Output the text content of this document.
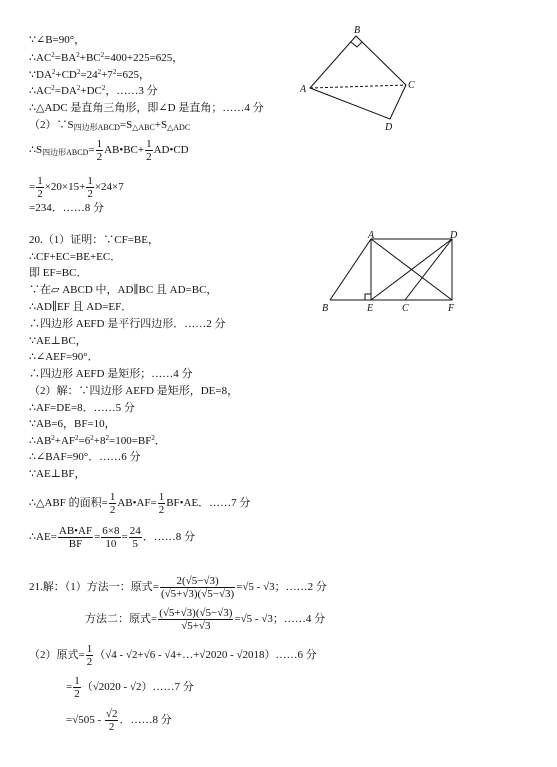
∵∠B=90°，
$\therefore AC^2=BA^2+BC^2=400+225=625$，
$\because DA^2+CD^2=24^2+7^2=625$，
$\therefore AC^2=DA^2+DC^2$，……3 分
∴△ADC 是直角三角形，即∠D 是直角；……4 分
$(2)\because S_{四边形ABCD}=S_{\triangle ABC}+S_{\triangle ADC}$
$\therefore S_{四边形ABCD}= \frac{1}{2}$ AB•BC+ $\frac{1}{2}$ AD•CD
= $\frac{1}{2} \times 20\times 15+ \frac{1}{2} \times 24\times 7$
=234．……8 分
B
A	C
D
20.（1）证明：∵CF=BE，
∴CF+EC=BE+EC．
即 EF=BC．
∵在▱ ABCD 中，AD∥BC 且 AD=BC，
∴AD∥EF 且 AD=EF．
∴四边形 AEFD 是平行四边形．……2 分
∵AE⊥BC，
∴∠AEF=90°．
∴四边形 AEFD 是矩形；……4 分
（2）解：∵四边形 AEFD 是矩形，DE=8，
∴AF=DE=8．……5 分
∵AB=6，BF=10，
$\therefore AB^2+AF^2=6^2+8^2=100=BF^2$．
∴∠BAF=90°．……6 分
∵AE⊥BF，
∴△ABF 的面积= $\frac{1}{2}$ AB•AF= $\frac{1}{2}$ BF•AE．……7 分
∴AE= $\frac{AB•AF}{BF} = \frac{6\times 8}{10} = \frac{24}{5}$ ．……8 分
A	D
B	E	C	F
21.解：（1）方法一：原式= $\frac{2(√5-√3)}{(√5+√3)(√5-√3)} =√5 - √3$；……2 分
方法二：原式= $\frac{(√5+√3)(√5-√3)}{√5+√3} =√5 - √3$；……4 分
（2）原式= $\frac{1}{2} (√4 - √2+√6$ - √4+…+√2020 - √2018）……6 分
= $\frac{1}{2} (√2020$ - √2）……7 分
$=√505 - \frac{√2}{2}$ ．……8 分
